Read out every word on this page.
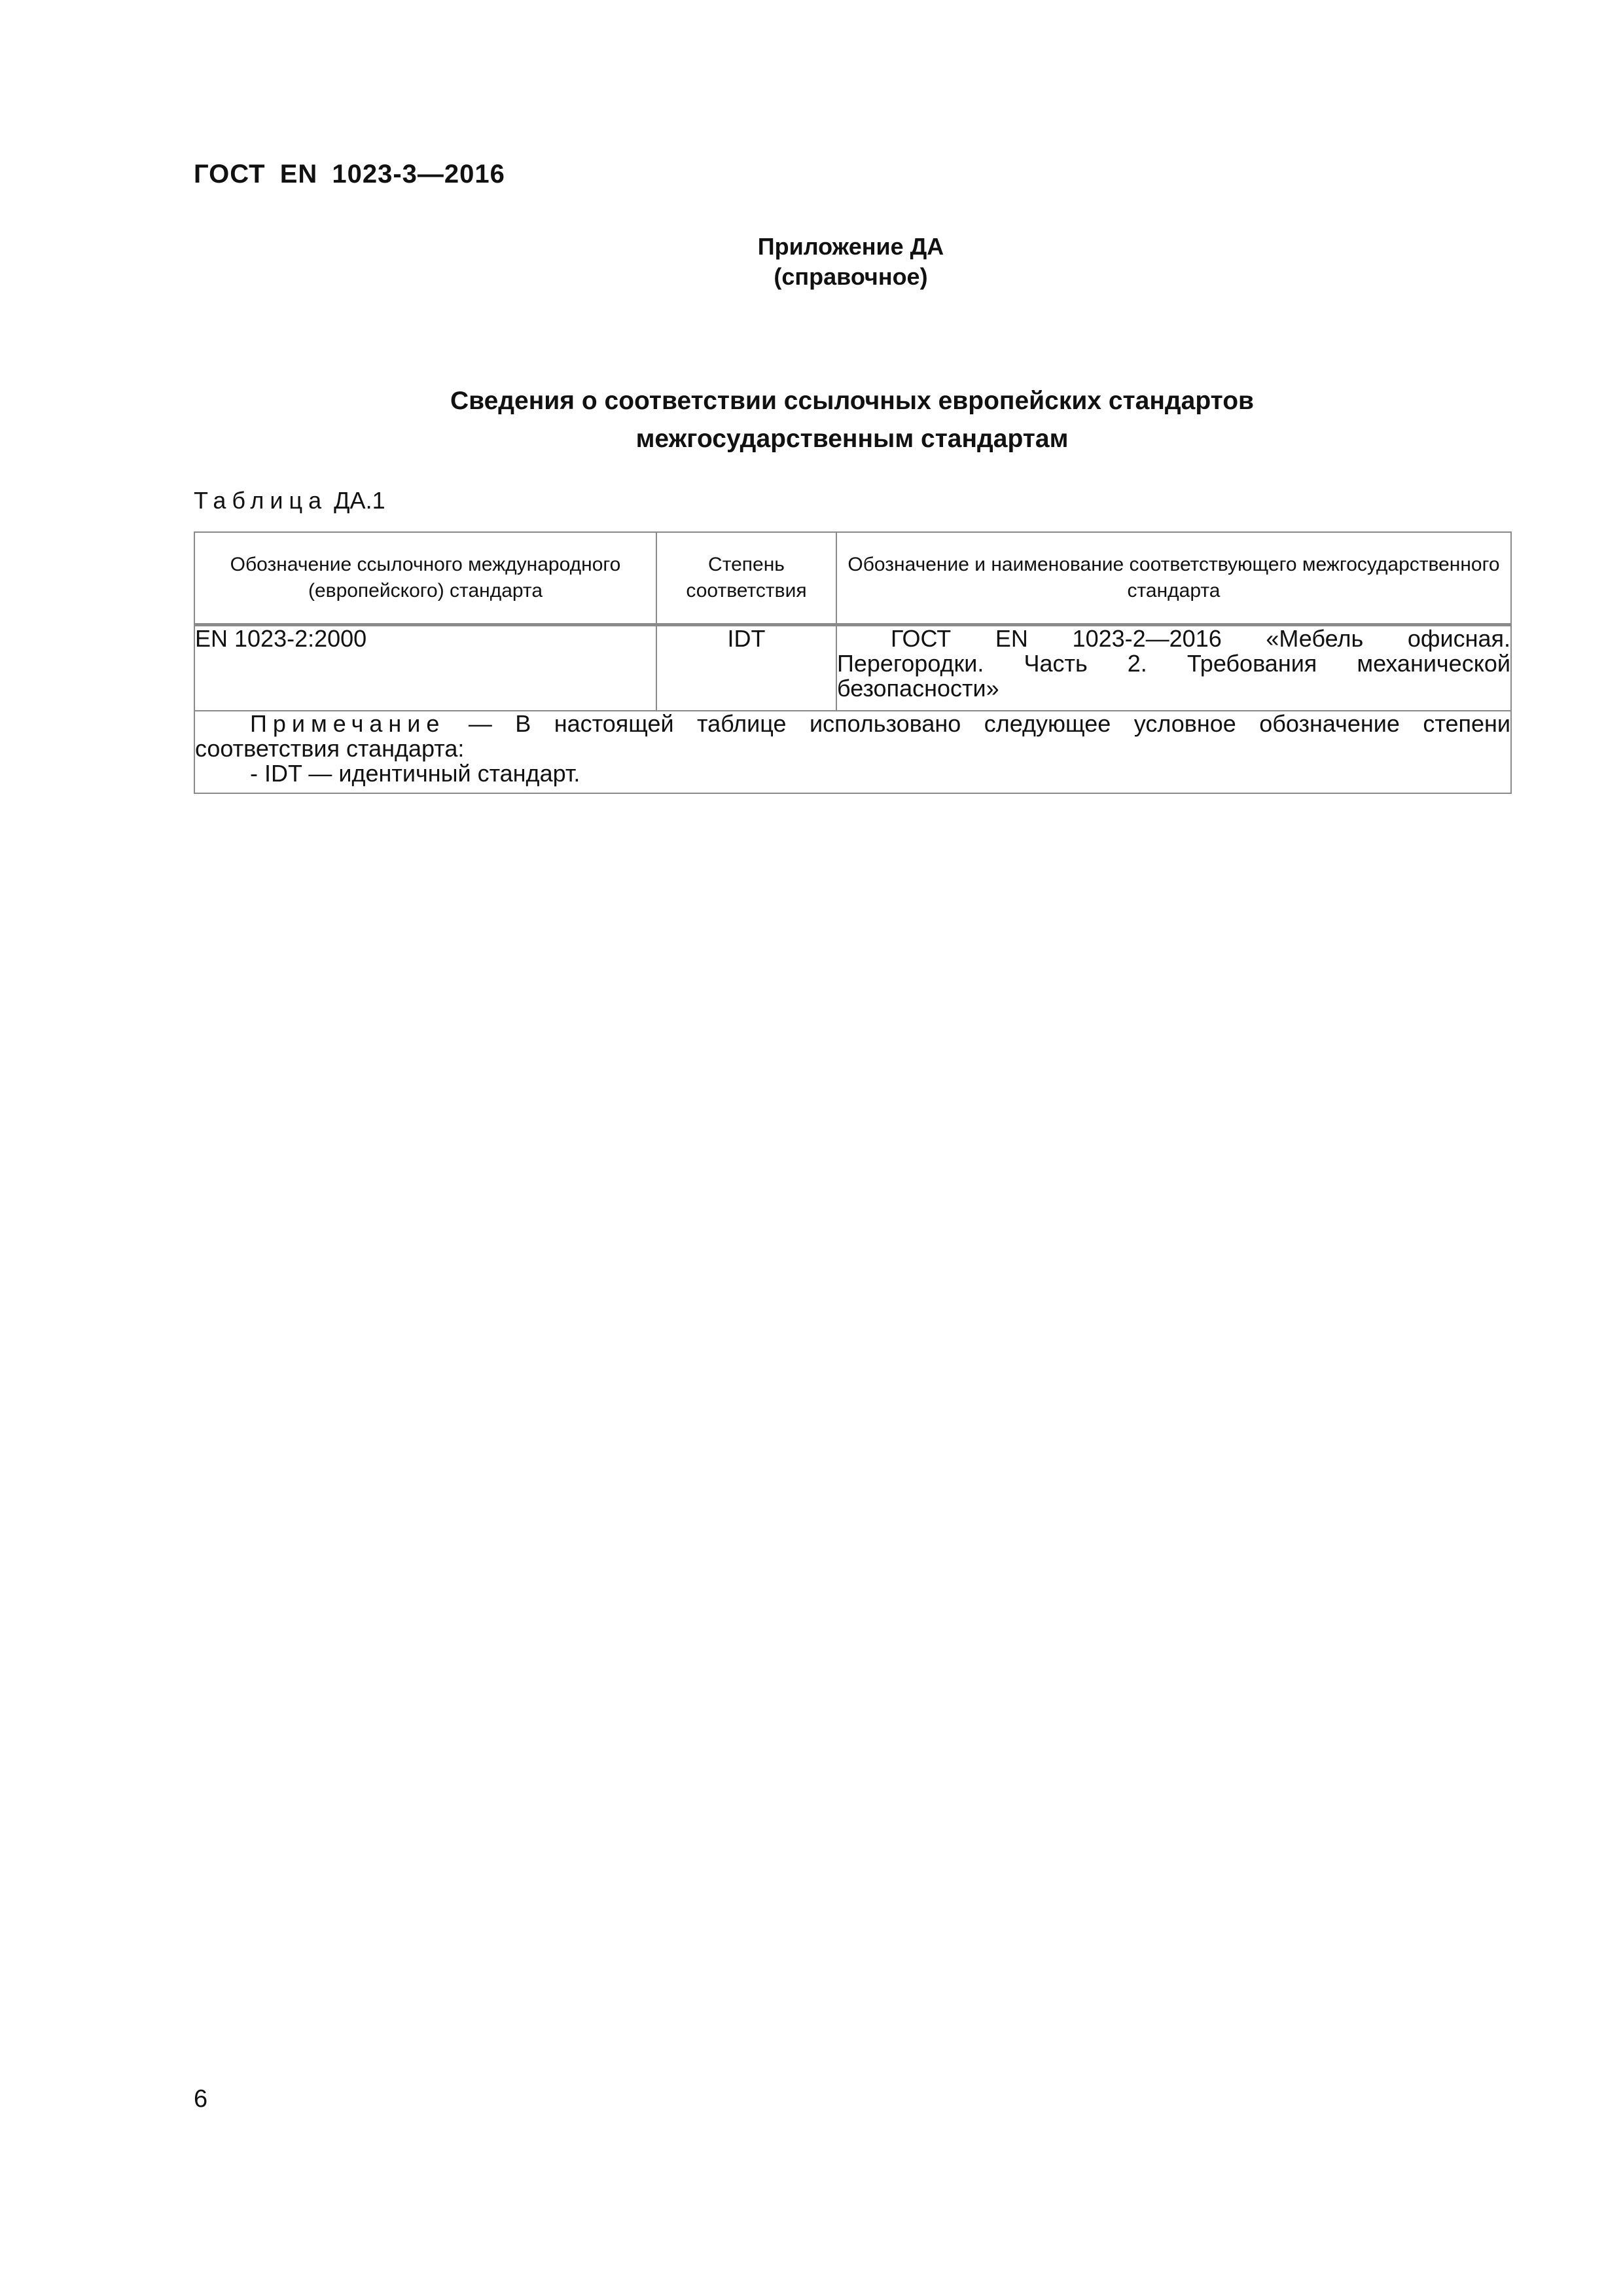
ГОСТ EN 1023-3—2016
Приложение ДА
(справочное)
Сведения о соответствии ссылочных европейских стандартов
межгосударственным стандартам
Таблица ДА.1
Обозначение ссылочного международного (европейского) стандарта	Степень соответствия	Обозначение и наименование соответствующего межгосударственного стандарта
EN 1023-2:2000	IDT	ГОСТ EN 1023-2—2016 «Мебель офисная. Перегородки. Часть 2. Требования механической безопасности»
Примечание — В настоящей таблице использовано следующее условное обозначение степени соответствия стандарта:
- IDT — идентичный стандарт.		
6
